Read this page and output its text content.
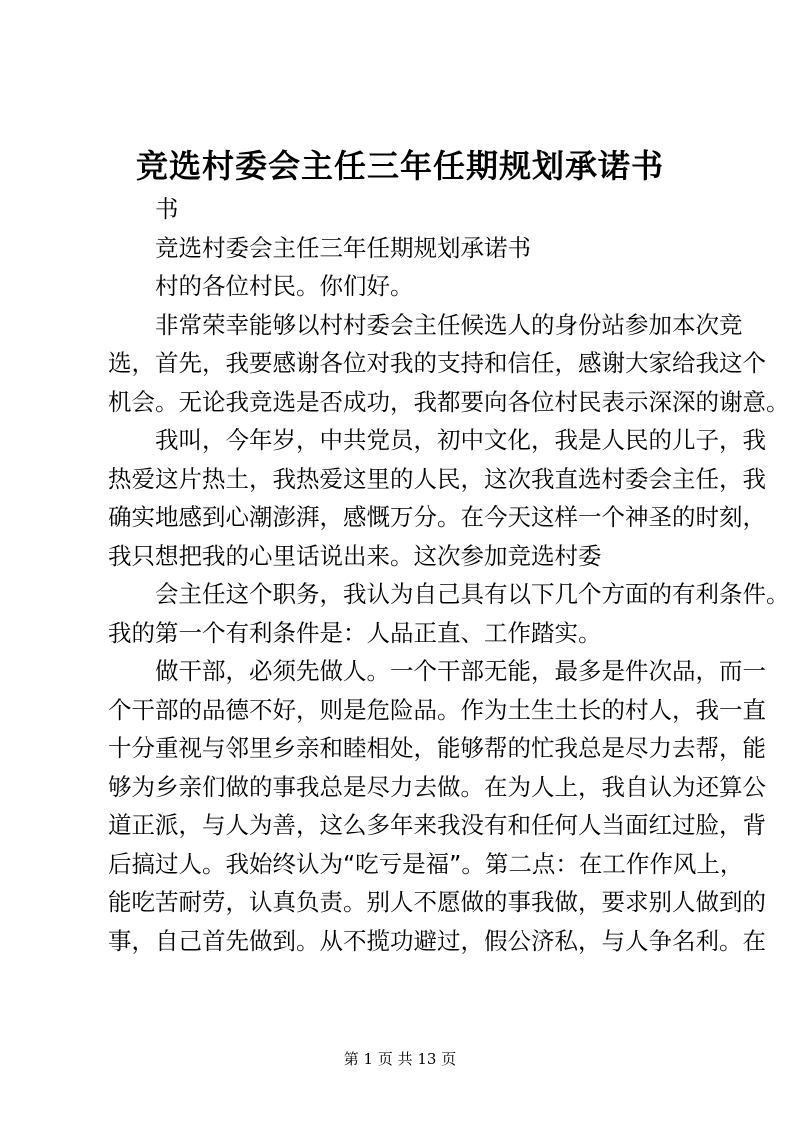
竞选村委会主任三年任期规划承诺书
书
竞选村委会主任三年任期规划承诺书
村的各位村民。你们好。
非常荣幸能够以村村委会主任候选人的身份站参加本次竞
选，首先，我要感谢各位对我的支持和信任，感谢大家给我这个
机会。无论我竞选是否成功，我都要向各位村民表示深深的谢意。
我叫，今年岁，中共党员，初中文化，我是人民的儿子，我
热爱这片热土，我热爱这里的人民，这次我直选村委会主任，我
确实地感到心潮澎湃，感慨万分。在今天这样一个神圣的时刻，
我只想把我的心里话说出来。这次参加竞选村委
会主任这个职务，我认为自己具有以下几个方面的有利条件。
我的第一个有利条件是：人品正直、工作踏实。
做干部，必须先做人。一个干部无能，最多是件次品，而一
个干部的品德不好，则是危险品。作为土生土长的村人，我一直
十分重视与邻里乡亲和睦相处，能够帮的忙我总是尽力去帮，能
够为乡亲们做的事我总是尽力去做。在为人上，我自认为还算公
道正派，与人为善，这么多年来我没有和任何人当面红过脸，背
后搞过人。我始终认为“吃亏是福”。第二点：在工作作风上，
能吃苦耐劳，认真负责。别人不愿做的事我做，要求别人做到的
事，自己首先做到。从不揽功避过，假公济私，与人争名利。在
第 1 页 共 13 页
